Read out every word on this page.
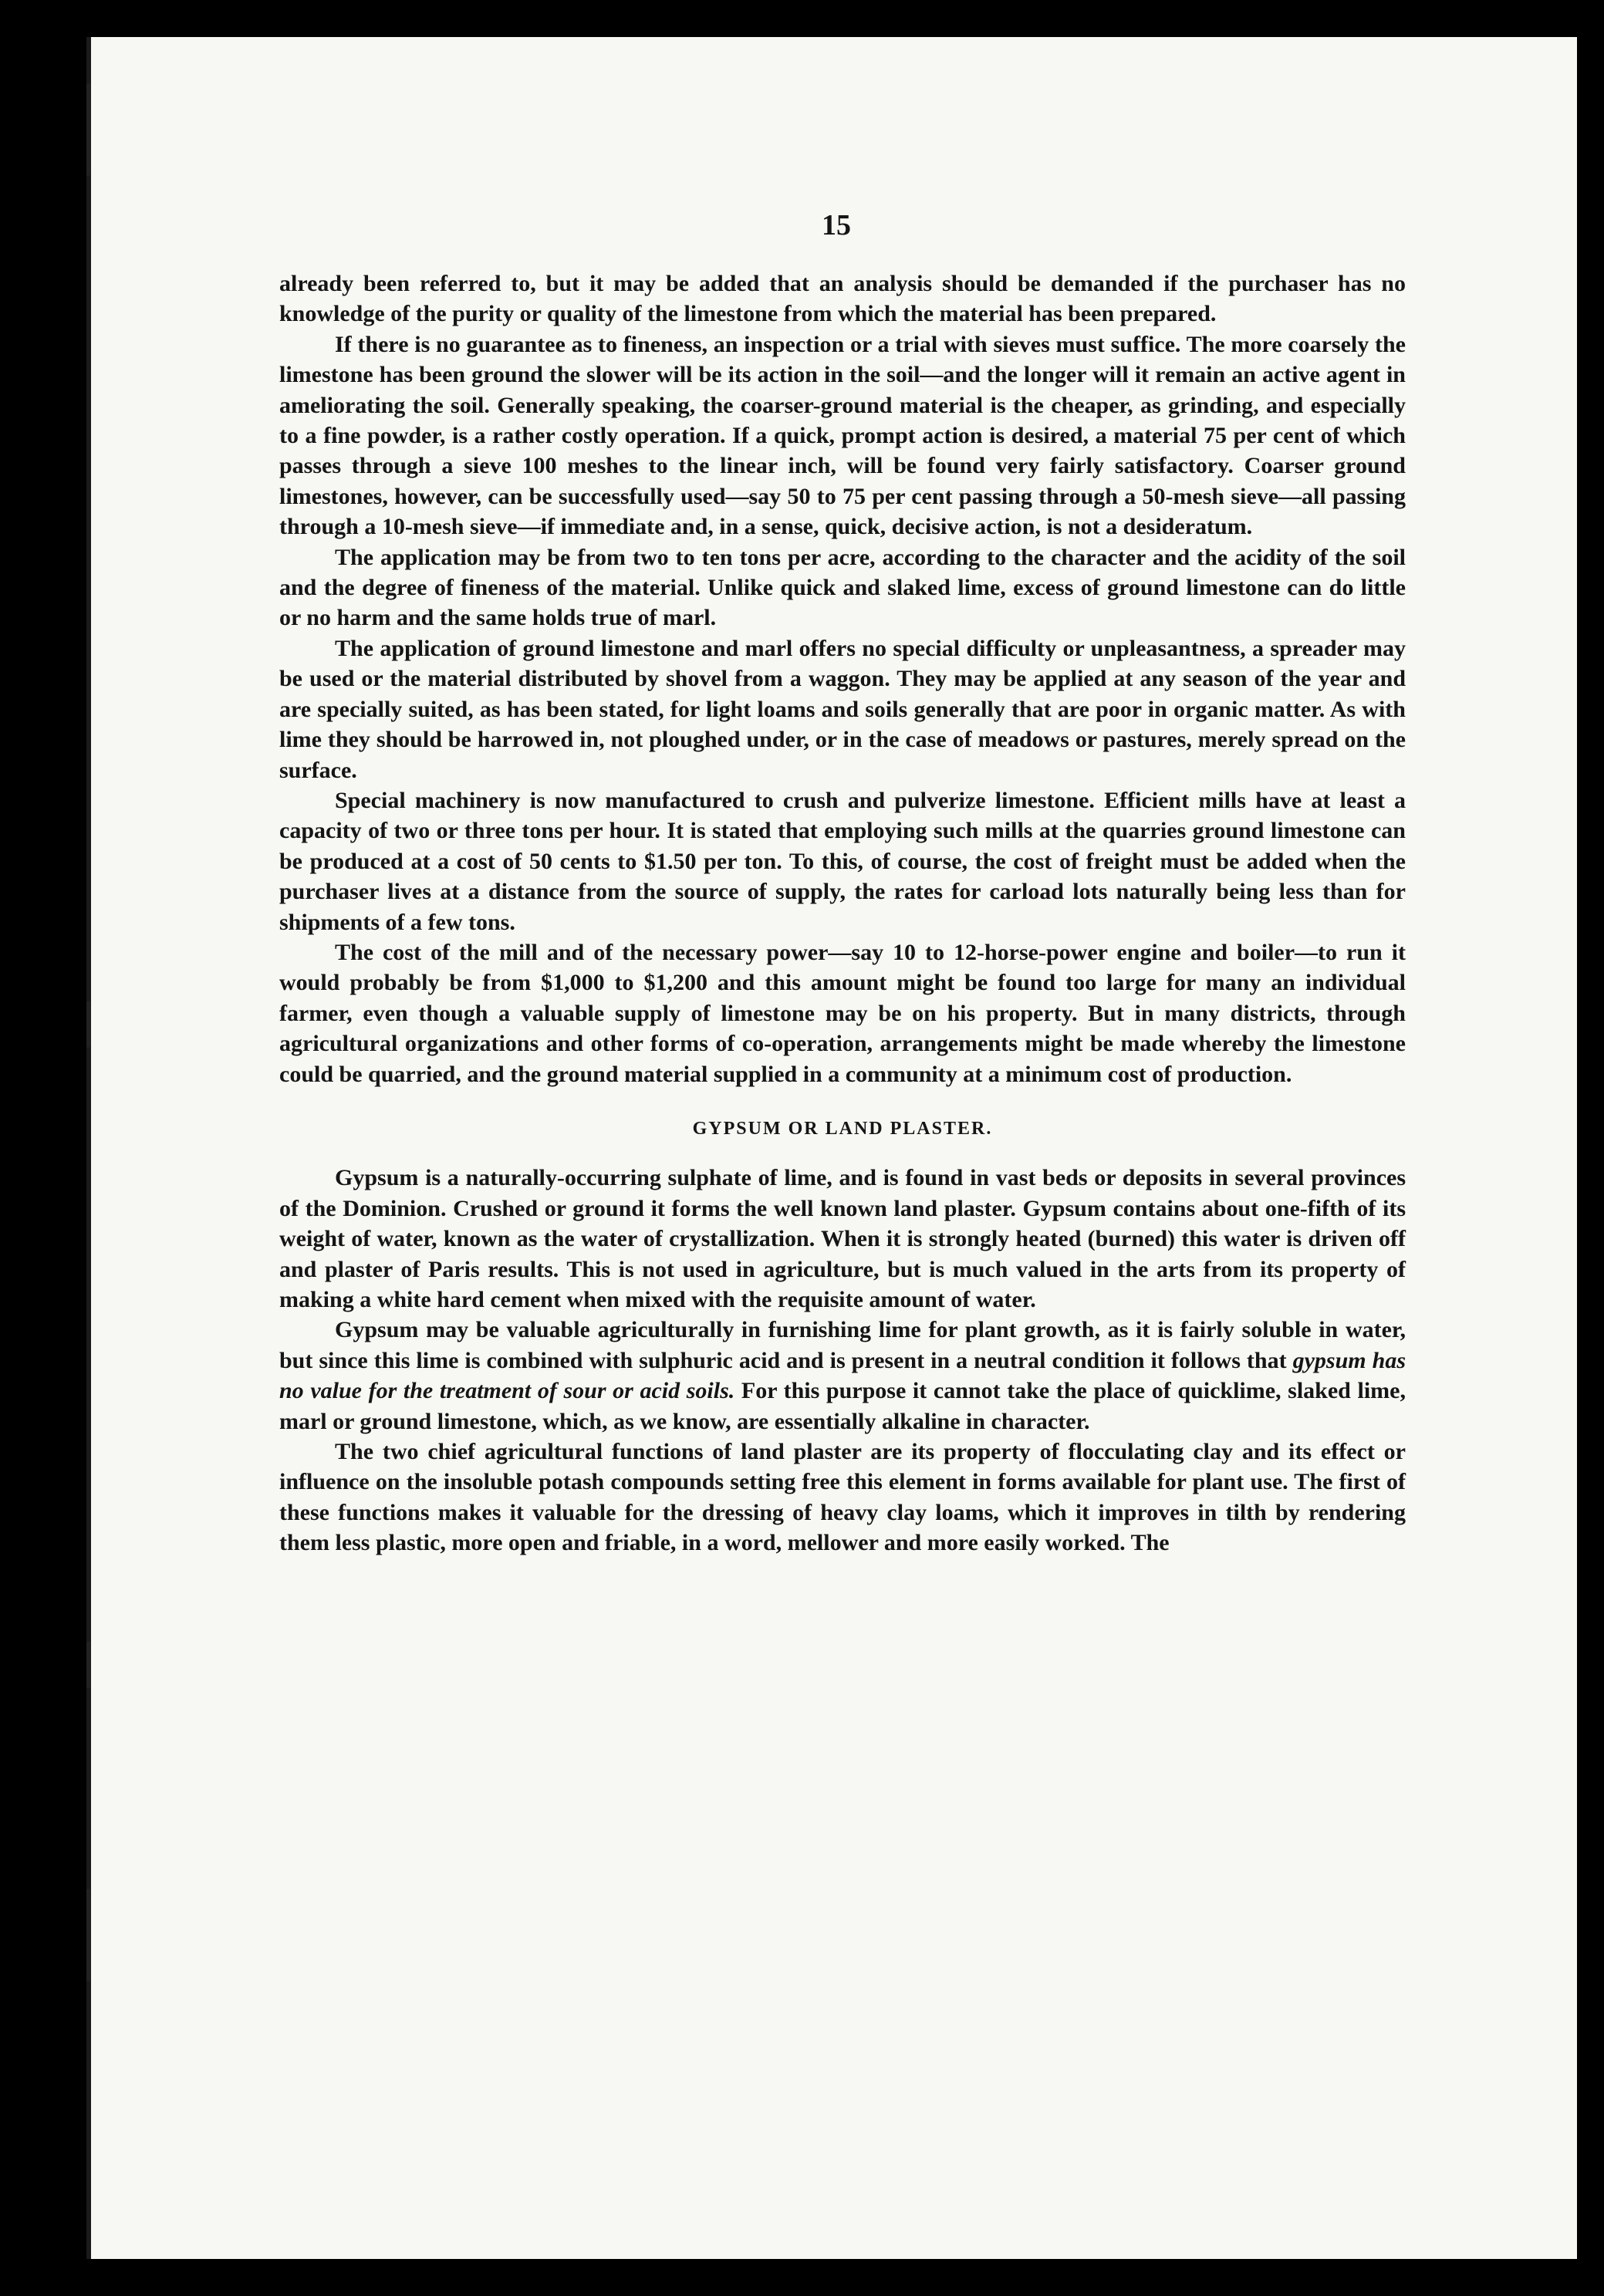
15

already been referred to, but it may be added that an analysis should be demanded if the purchaser has no knowledge of the purity or quality of the limestone from which the material has been prepared.

If there is no guarantee as to fineness, an inspection or a trial with sieves must suffice. The more coarsely the limestone has been ground the slower will be its action in the soil—and the longer will it remain an active agent in ameliorating the soil. Generally speaking, the coarser-ground material is the cheaper, as grinding, and especially to a fine powder, is a rather costly operation. If a quick, prompt action is desired, a material 75 per cent of which passes through a sieve 100 meshes to the linear inch, will be found very fairly satisfactory. Coarser ground limestones, however, can be successfully used—say 50 to 75 per cent passing through a 50-mesh sieve—all passing through a 10-mesh sieve—if immediate and, in a sense, quick, decisive action, is not a desideratum.

The application may be from two to ten tons per acre, according to the character and the acidity of the soil and the degree of fineness of the material. Unlike quick and slaked lime, excess of ground limestone can do little or no harm and the same holds true of marl.

The application of ground limestone and marl offers no special difficulty or unpleasantness, a spreader may be used or the material distributed by shovel from a waggon. They may be applied at any season of the year and are specially suited, as has been stated, for light loams and soils generally that are poor in organic matter. As with lime they should be harrowed in, not ploughed under, or in the case of meadows or pastures, merely spread on the surface.

Special machinery is now manufactured to crush and pulverize limestone. Efficient mills have at least a capacity of two or three tons per hour. It is stated that employing such mills at the quarries ground limestone can be produced at a cost of 50 cents to $1.50 per ton. To this, of course, the cost of freight must be added when the purchaser lives at a distance from the source of supply, the rates for carload lots naturally being less than for shipments of a few tons.

The cost of the mill and of the necessary power—say 10 to 12-horse-power engine and boiler—to run it would probably be from $1,000 to $1,200 and this amount might be found too large for many an individual farmer, even though a valuable supply of limestone may be on his property. But in many districts, through agricultural organizations and other forms of co-operation, arrangements might be made whereby the limestone could be quarried, and the ground material supplied in a community at a minimum cost of production.

GYPSUM OR LAND PLASTER.

Gypsum is a naturally-occurring sulphate of lime, and is found in vast beds or deposits in several provinces of the Dominion. Crushed or ground it forms the well known land plaster. Gypsum contains about one-fifth of its weight of water, known as the water of crystallization. When it is strongly heated (burned) this water is driven off and plaster of Paris results. This is not used in agriculture, but is much valued in the arts from its property of making a white hard cement when mixed with the requisite amount of water.

Gypsum may be valuable agriculturally in furnishing lime for plant growth, as it is fairly soluble in water, but since this lime is combined with sulphuric acid and is present in a neutral condition it follows that gypsum has no value for the treatment of sour or acid soils. For this purpose it cannot take the place of quicklime, slaked lime, marl or ground limestone, which, as we know, are essentially alkaline in character.

The two chief agricultural functions of land plaster are its property of flocculating clay and its effect or influence on the insoluble potash compounds setting free this element in forms available for plant use. The first of these functions makes it valuable for the dressing of heavy clay loams, which it improves in tilth by rendering them less plastic, more open and friable, in a word, mellower and more easily worked. The
